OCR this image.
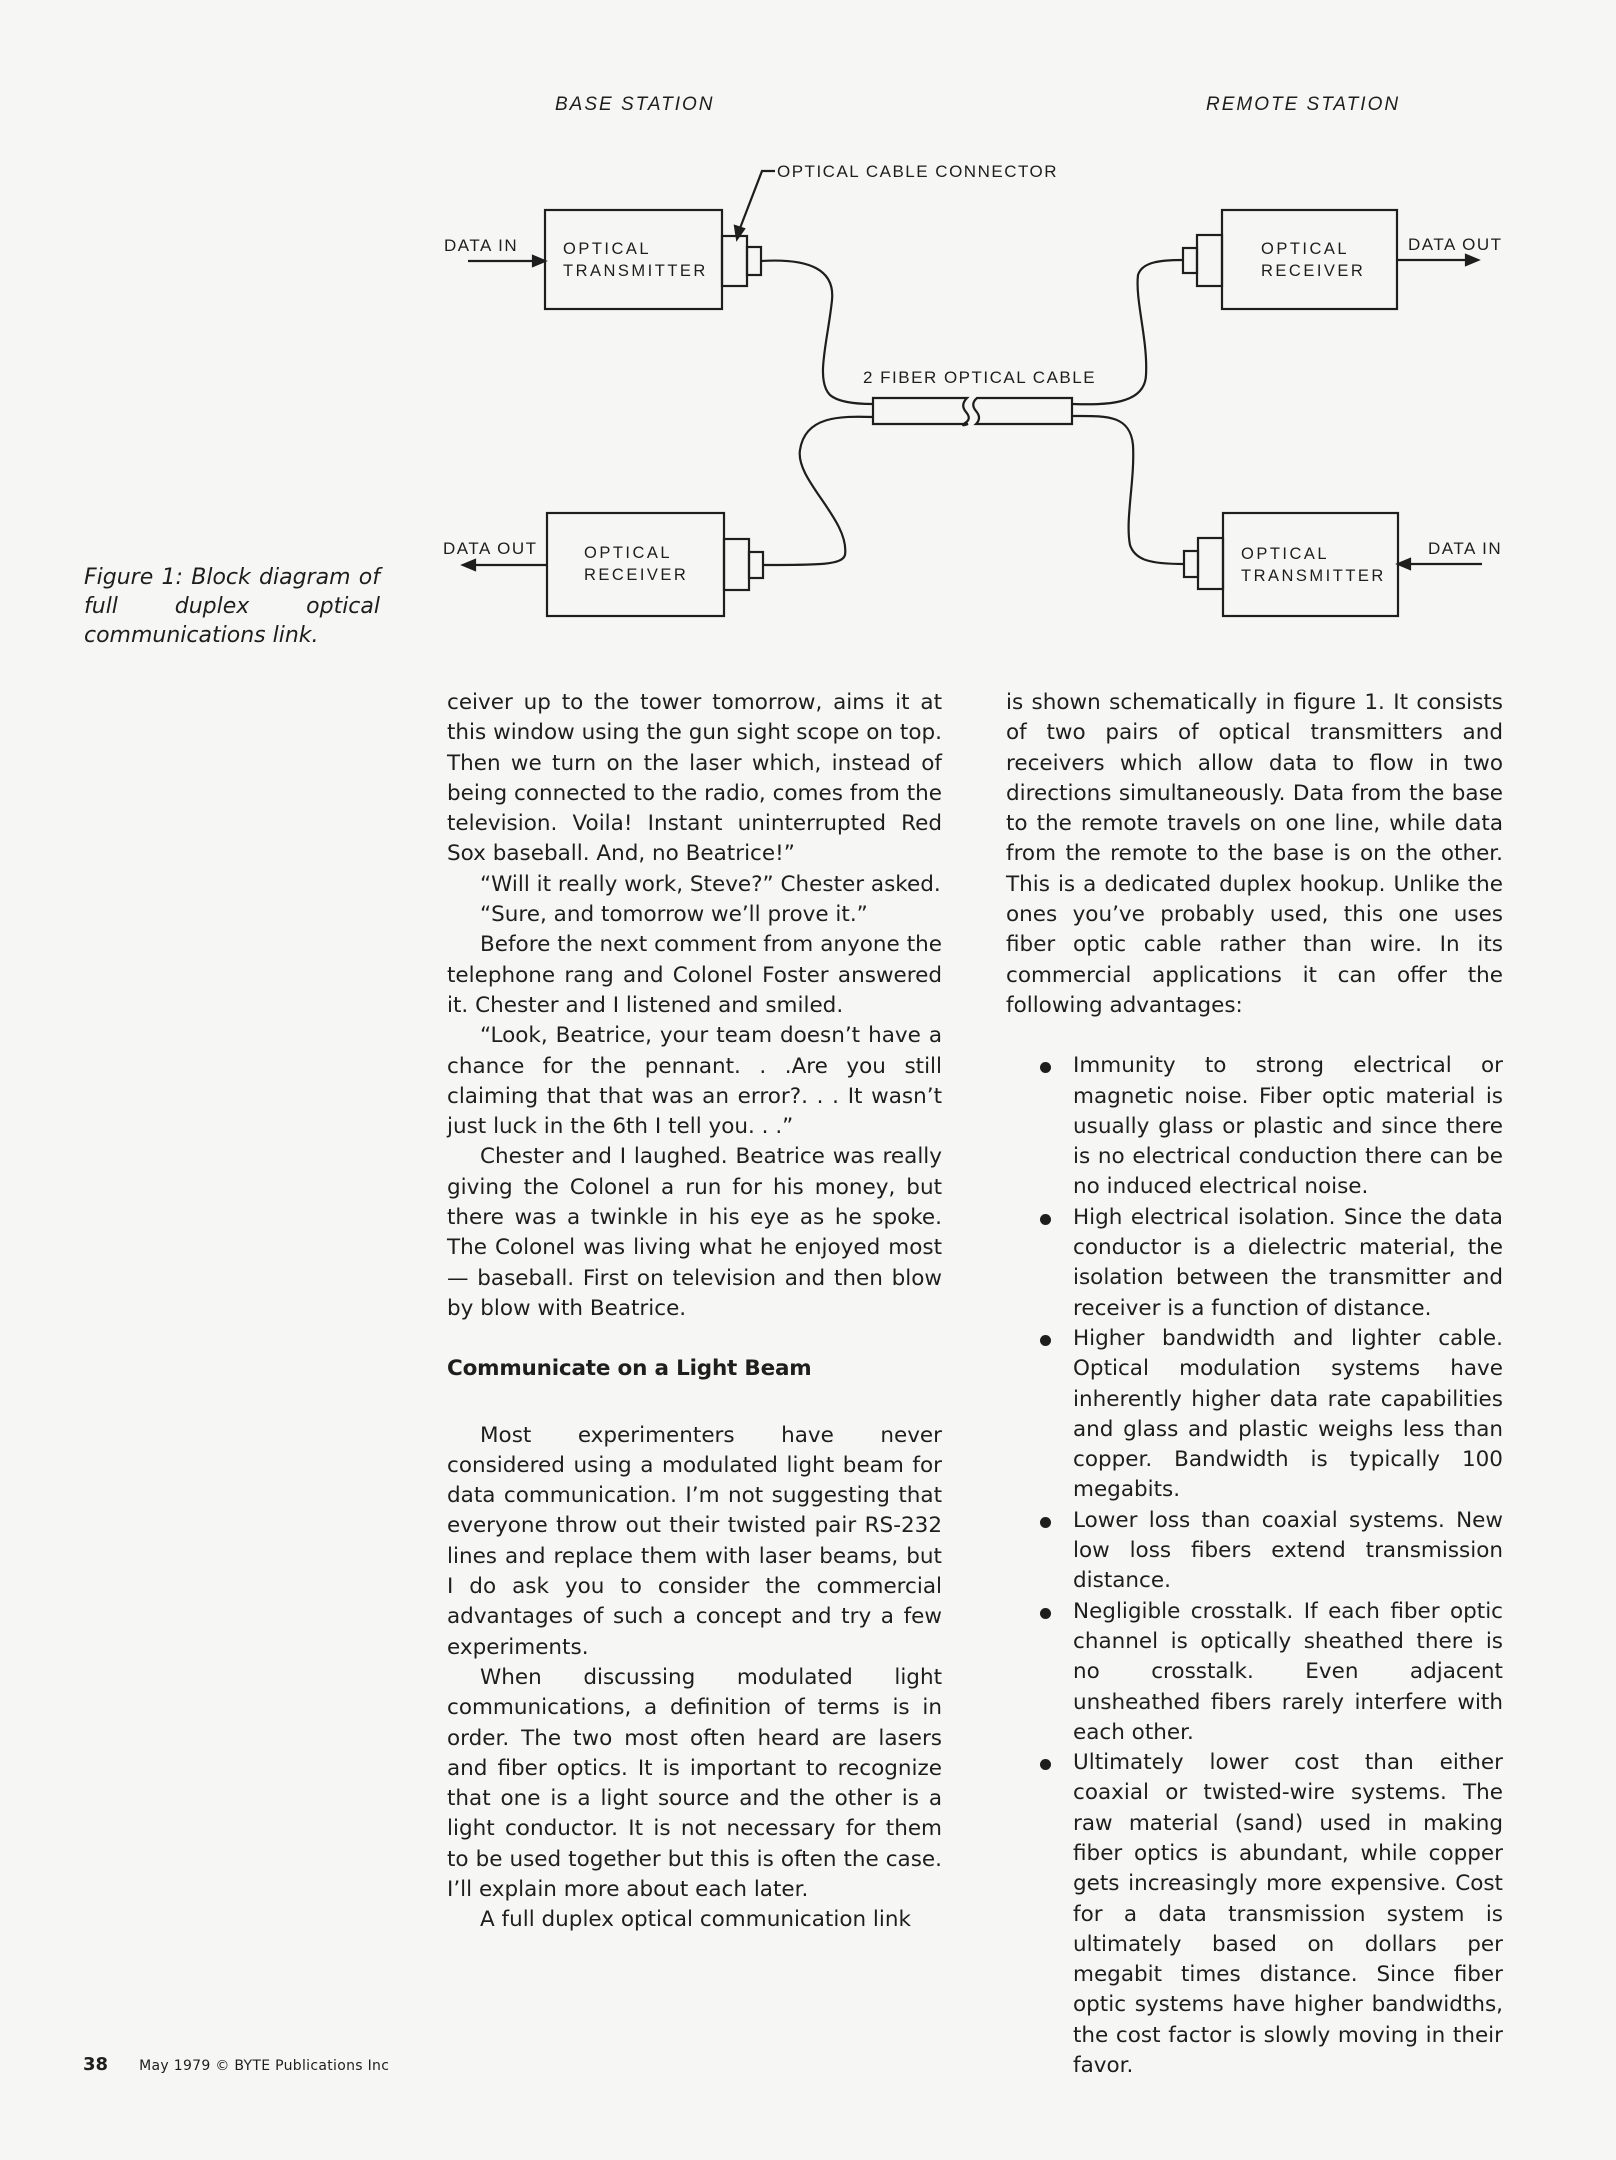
BASE STATION	REMOTE STATION
OPTICAL CABLE CONNECTOR
2 FIBER OPTICAL CABLE
DATA IN	OPTICAL
TRANSMITTER
DATA OUT	OPTICAL
RECEIVER
DATA OUT
OPTICAL
RECEIVER
DATA IN
OPTICAL
TRANSMITTER
Figure 1: Block diagram of full duplex optical communications link.

ceiver up to the tower tomorrow, aims it at this window using the gun sight scope on top. Then we turn on the laser which, instead of being connected to the radio, comes from the television. Voila! Instant uninterrupted Red Sox baseball. And, no Beatrice!”

“Will it really work, Steve?” Chester asked.

“Sure, and tomorrow we’ll prove it.”

Before the next comment from anyone the telephone rang and Colonel Foster answered it. Chester and I listened and smiled.

“Look, Beatrice, your team doesn’t have a chance for the pennant. . .Are you still claiming that that was an error?. . . It wasn’t just luck in the 6th I tell you. . .”

Chester and I laughed. Beatrice was really giving the Colonel a run for his money, but there was a twinkle in his eye as he spoke. The Colonel was living what he enjoyed most — baseball. First on television and then blow by blow with Beatrice.

Communicate on a Light Beam

Most experimenters have never considered using a modulated light beam for data communication. I’m not suggesting that everyone throw out their twisted pair RS-232 lines and replace them with laser beams, but I do ask you to consider the commercial advantages of such a concept and try a few experiments.

When discussing modulated light communications, a definition of terms is in order. The two most often heard are lasers and fiber optics. It is important to recognize that one is a light source and the other is a light conductor. It is not necessary for them to be used together but this is often the case. I’ll explain more about each later.

A full duplex optical communication link

is shown schematically in figure 1. It consists of two pairs of optical transmitters and receivers which allow data to flow in two directions simultaneously. Data from the base to the remote travels on one line, while data from the remote to the base is on the other. This is a dedicated duplex hookup. Unlike the ones you’ve probably used, this one uses fiber optic cable rather than wire. In its commercial applications it can offer the following advantages:

Immunity to strong electrical or magnetic noise. Fiber optic material is usually glass or plastic and since there is no electrical conduction there can be no induced electrical noise.
High electrical isolation. Since the data conductor is a dielectric material, the isolation between the transmitter and receiver is a function of distance.
Higher bandwidth and lighter cable. Optical modulation systems have inherently higher data rate capabilities and glass and plastic weighs less than copper. Bandwidth is typically 100 megabits.
Lower loss than coaxial systems. New low loss fibers extend transmission distance.
Negligible crosstalk. If each fiber optic channel is optically sheathed there is no crosstalk. Even adjacent unsheathed fibers rarely interfere with each other.
Ultimately lower cost than either coaxial or twisted-wire systems. The raw material (sand) used in making fiber optics is abundant, while copper gets increasingly more expensive. Cost for a data transmission system is ultimately based on dollars per megabit times distance. Since fiber optic systems have higher bandwidths, the cost factor is slowly moving in their favor.
38 May 1979 © BYTE Publications Inc
